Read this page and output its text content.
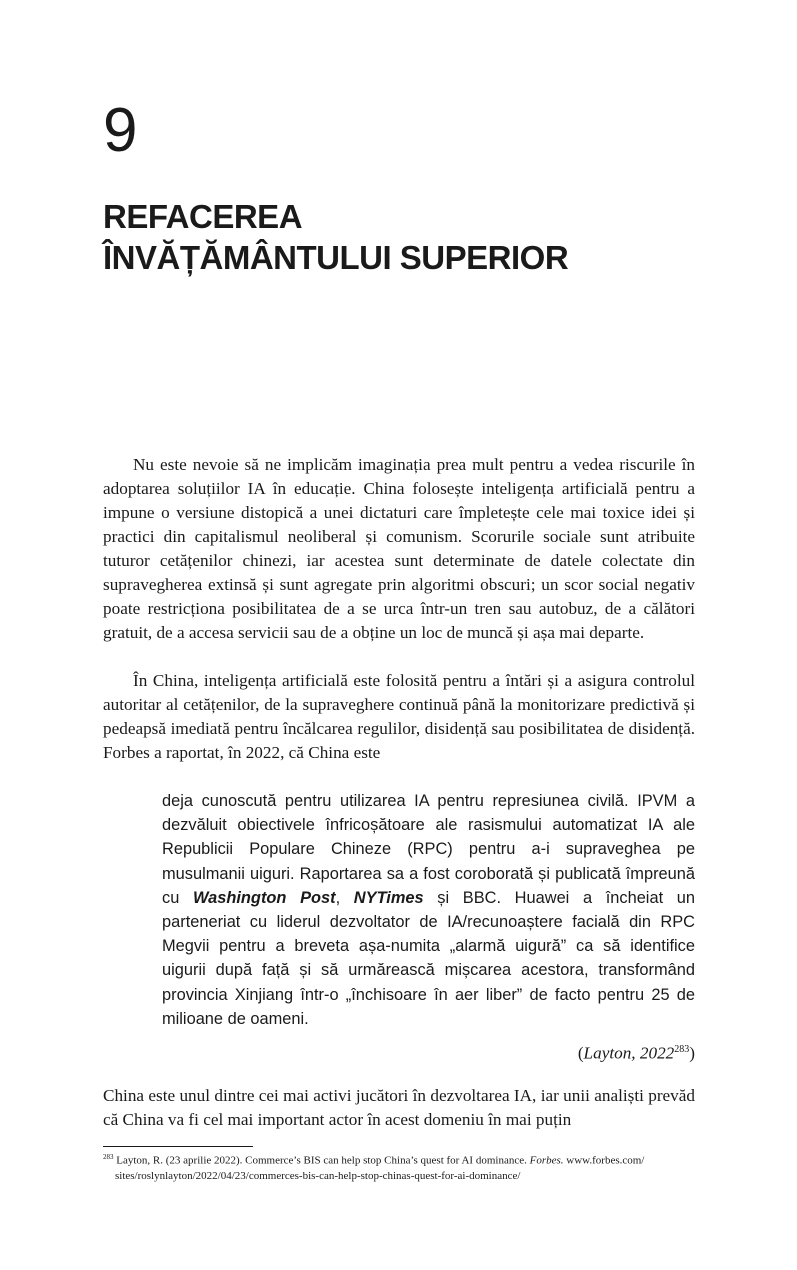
9
REFACEREA
ÎNVĂȚĂMÂNTULUI SUPERIOR

Nu este nevoie să ne implicăm imaginația prea mult pentru a vedea riscurile în adoptarea soluțiilor IA în educație. China folosește inteligența artificială pentru a impune o versiune distopică a unei dictaturi care împletește cele mai toxice idei și practici din capitalismul neoliberal și comunism. Scorurile sociale sunt atribuite tuturor cetățenilor chinezi, iar acestea sunt determinate de datele colectate din supravegherea extinsă și sunt agregate prin algoritmi obscuri; un scor social negativ poate restricționa posibilitatea de a se urca într-un tren sau autobuz, de a călători gratuit, de a accesa servicii sau de a obține un loc de muncă și așa mai departe.

În China, inteligența artificială este folosită pentru a întări și a asigura controlul autoritar al cetățenilor, de la supraveghere continuă până la monitorizare predictivă și pedeapsă imediată pentru încălcarea regulilor, disidență sau posibilitatea de disidență. Forbes a raportat, în 2022, că China este

deja cunoscută pentru utilizarea IA pentru represiunea civilă. IPVM a dezvăluit obiectivele înfricoșătoare ale rasismului automatizat IA ale Republicii Populare Chineze (RPC) pentru a-i supraveghea pe musulmanii uiguri. Raportarea sa a fost coroborată și publicată împreună cu Washington Post, NYTimes și BBC. Huawei a încheiat un parteneriat cu liderul dezvoltator de IA/recunoaștere facială din RPC Megvii pentru a breveta așa-numita „alarmă uigură” ca să identifice uigurii după față și să urmărească mișcarea acestora, transformând provincia Xinjiang într-o „închisoare în aer liber” de facto pentru 25 de milioane de oameni.

(Layton, 2022$^{283}$)

China este unul dintre cei mai activi jucători în dezvoltarea IA, iar unii analiști prevăd că China va fi cel mai important actor în acest domeniu în mai puțin

$^{283}$ Layton, R. (23 aprilie 2022). Commerce’s BIS can help stop China’s quest for AI dominance. Forbes. www.forbes.com/
sites/roslynlayton/2022/04/23/commerces-bis-can-help-stop-chinas-quest-for-ai-dominance/
